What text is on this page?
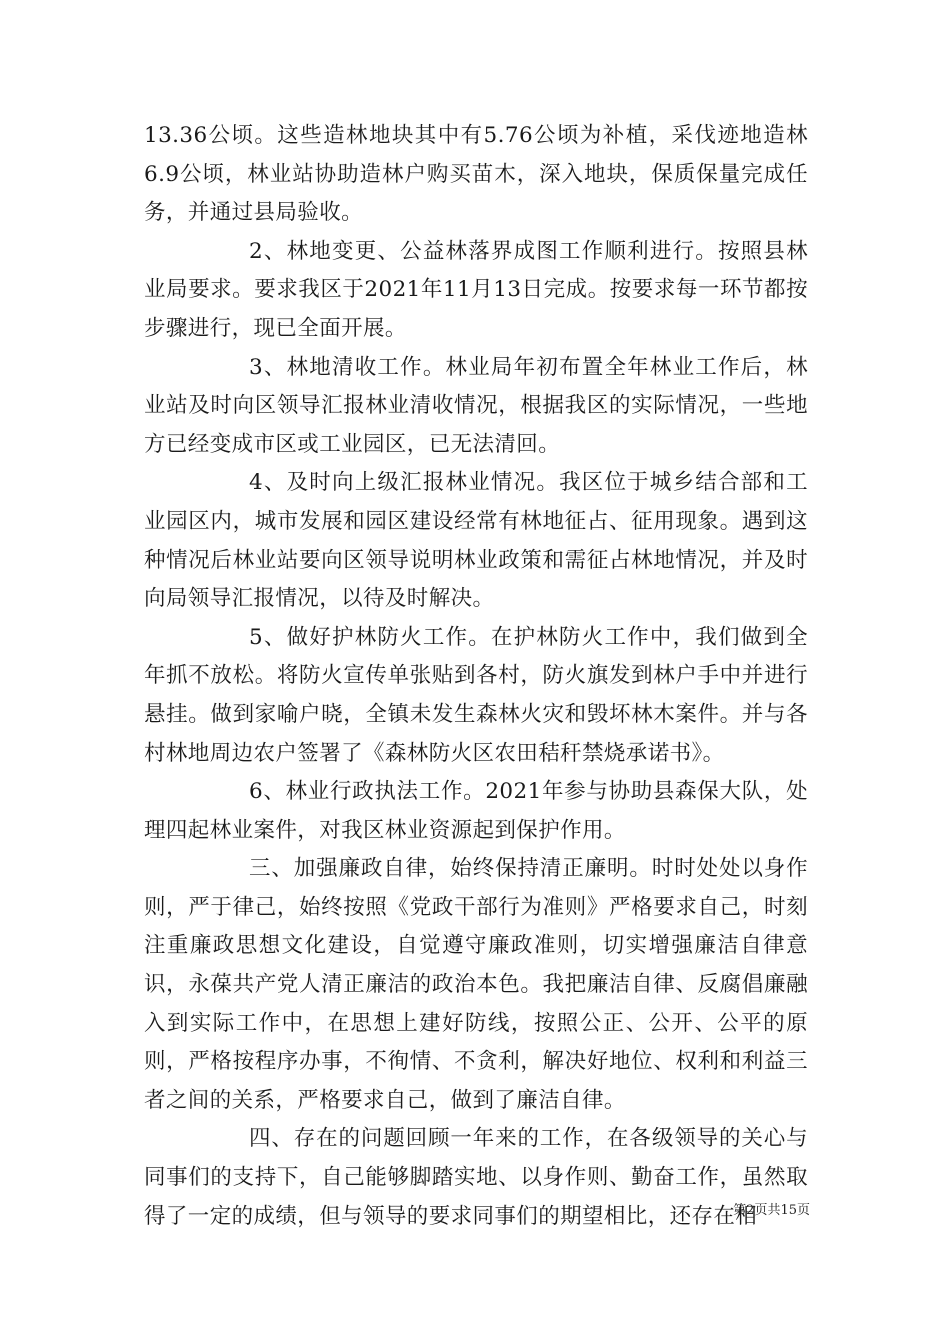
13.36公顷。这些造林地块其中有5.76公顷为补植，采伐迹地造林6.9公顷，林业站协助造林户购买苗木，深入地块，保质保量完成任务，并通过县局验收。

2、林地变更、公益林落界成图工作顺利进行。按照县林业局要求。要求我区于2021年11月13日完成。按要求每一环节都按步骤进行，现已全面开展。

3、林地清收工作。林业局年初布置全年林业工作后，林业站及时向区领导汇报林业清收情况，根据我区的实际情况，一些地方已经变成市区或工业园区，已无法清回。

4、及时向上级汇报林业情况。我区位于城乡结合部和工业园区内，城市发展和园区建设经常有林地征占、征用现象。遇到这种情况后林业站要向区领导说明林业政策和需征占林地情况，并及时向局领导汇报情况，以待及时解决。

5、做好护林防火工作。在护林防火工作中，我们做到全年抓不放松。将防火宣传单张贴到各村，防火旗发到林户手中并进行悬挂。做到家喻户晓，全镇未发生森林火灾和毁坏林木案件。并与各村林地周边农户签署了《森林防火区农田秸秆禁烧承诺书》。

6、林业行政执法工作。2021年参与协助县森保大队，处理四起林业案件，对我区林业资源起到保护作用。

三、加强廉政自律，始终保持清正廉明。时时处处以身作则，严于律己，始终按照《党政干部行为准则》严格要求自己，时刻注重廉政思想文化建设，自觉遵守廉政准则，切实增强廉洁自律意识，永葆共产党人清正廉洁的政治本色。我把廉洁自律、反腐倡廉融入到实际工作中，在思想上建好防线，按照公正、公开、公平的原则，严格按程序办事，不徇情、不贪利，解决好地位、权利和利益三者之间的关系，严格要求自己，做到了廉洁自律。

四、存在的问题回顾一年来的工作，在各级领导的关心与同事们的支持下，自己能够脚踏实地、以身作则、勤奋工作，虽然取得了一定的成绩，但与领导的要求同事们的期望相比，还存在相

第2页共15页
